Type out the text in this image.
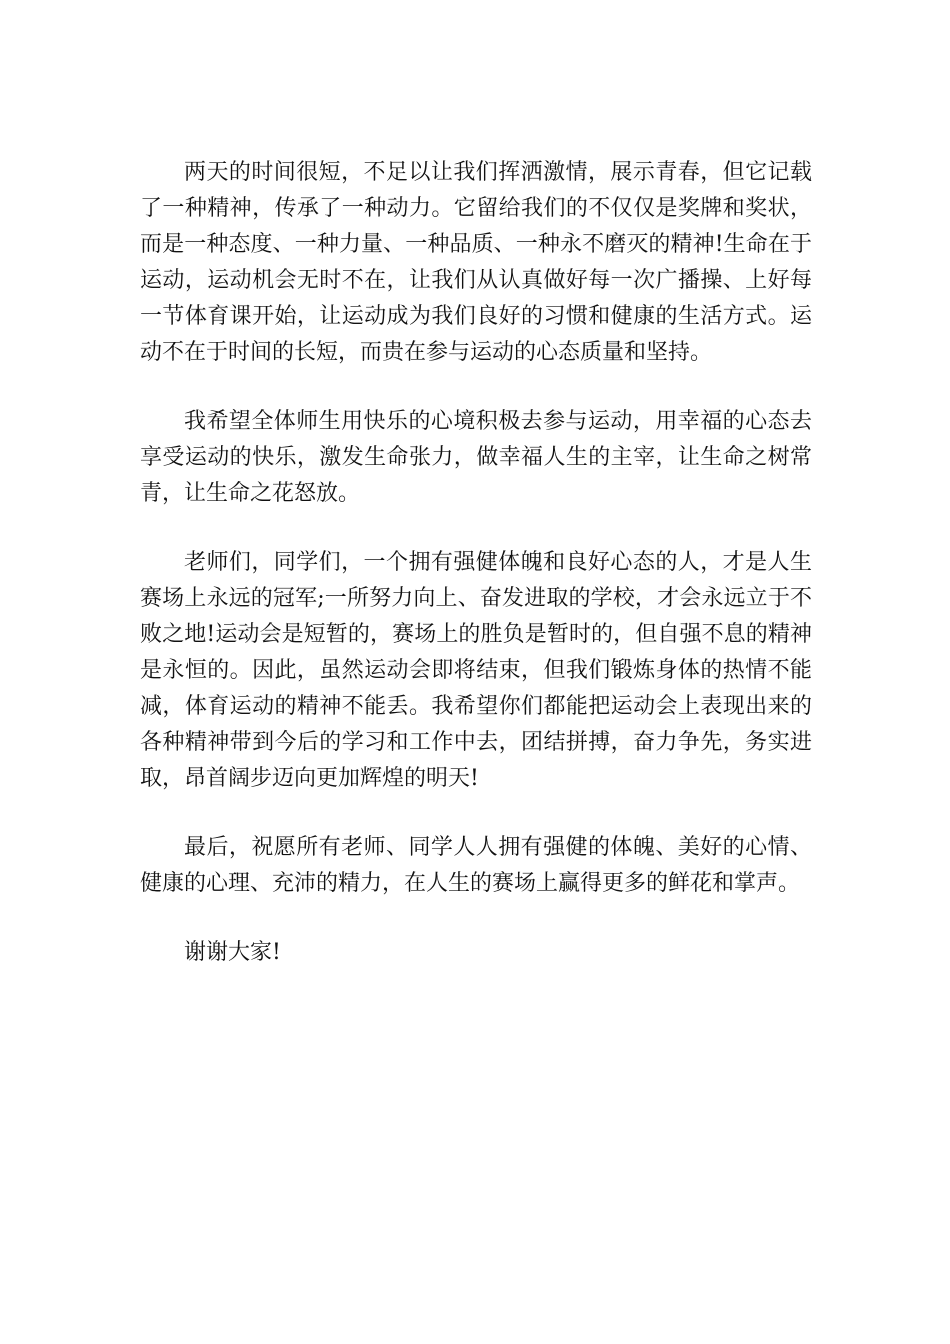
两天的时间很短，不足以让我们挥洒激情，展示青春，但它记载了一种精神，传承了一种动力。它留给我们的不仅仅是奖牌和奖状，而是一种态度、一种力量、一种品质、一种永不磨灭的精神!生命在于运动，运动机会无时不在，让我们从认真做好每一次广播操、上好每一节体育课开始，让运动成为我们良好的习惯和健康的生活方式。运动不在于时间的长短，而贵在参与运动的心态质量和坚持。

我希望全体师生用快乐的心境积极去参与运动，用幸福的心态去享受运动的快乐，激发生命张力，做幸福人生的主宰，让生命之树常青，让生命之花怒放。

老师们，同学们，一个拥有强健体魄和良好心态的人，才是人生赛场上永远的冠军;一所努力向上、奋发进取的学校，才会永远立于不败之地!运动会是短暂的，赛场上的胜负是暂时的，但自强不息的精神是永恒的。因此，虽然运动会即将结束，但我们锻炼身体的热情不能减，体育运动的精神不能丢。我希望你们都能把运动会上表现出来的各种精神带到今后的学习和工作中去，团结拼搏，奋力争先，务实进取，昂首阔步迈向更加辉煌的明天!

最后，祝愿所有老师、同学人人拥有强健的体魄、美好的心情、健康的心理、充沛的精力，在人生的赛场上赢得更多的鲜花和掌声。

谢谢大家!
